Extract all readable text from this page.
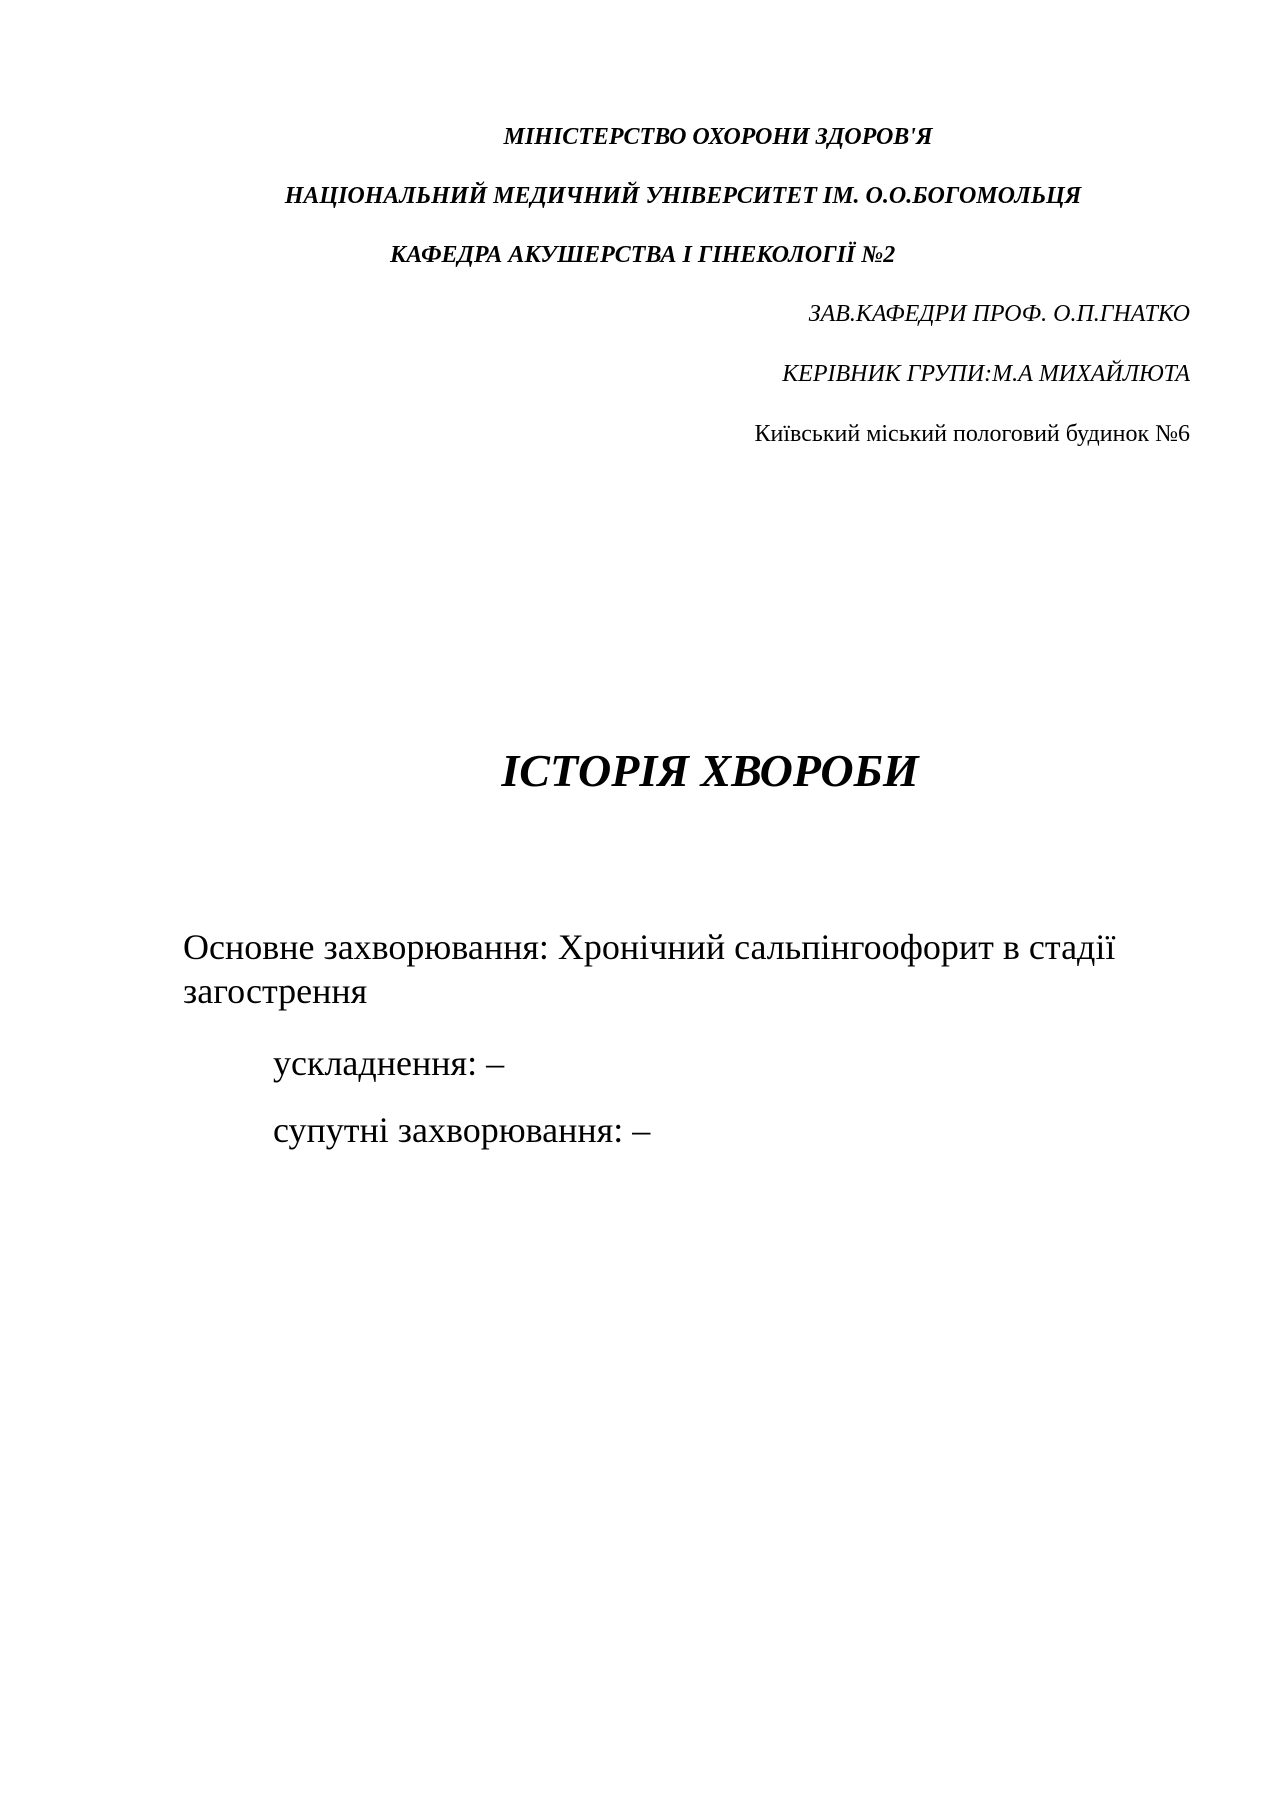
МІНІСТЕРСТВО ОХОРОНИ ЗДОРОВ'Я
НАЦІОНАЛЬНИЙ МЕДИЧНИЙ УНІВЕРСИТЕТ ІМ. О.О.БОГОМОЛЬЦЯ
КАФЕДРА АКУШЕРСТВА І ГІНЕКОЛОГІЇ №2
ЗАВ.КАФЕДРИ ПРОФ. О.П.ГНАТКО
КЕРІВНИК ГРУПИ:М.А МИХАЙЛЮТА
Київський міський пологовий будинок №6
ІСТОРІЯ ХВОРОБИ
Основне захворювання: Хронічний сальпінгоофорит в стадії загострення
ускладнення: –
супутні захворювання: –
